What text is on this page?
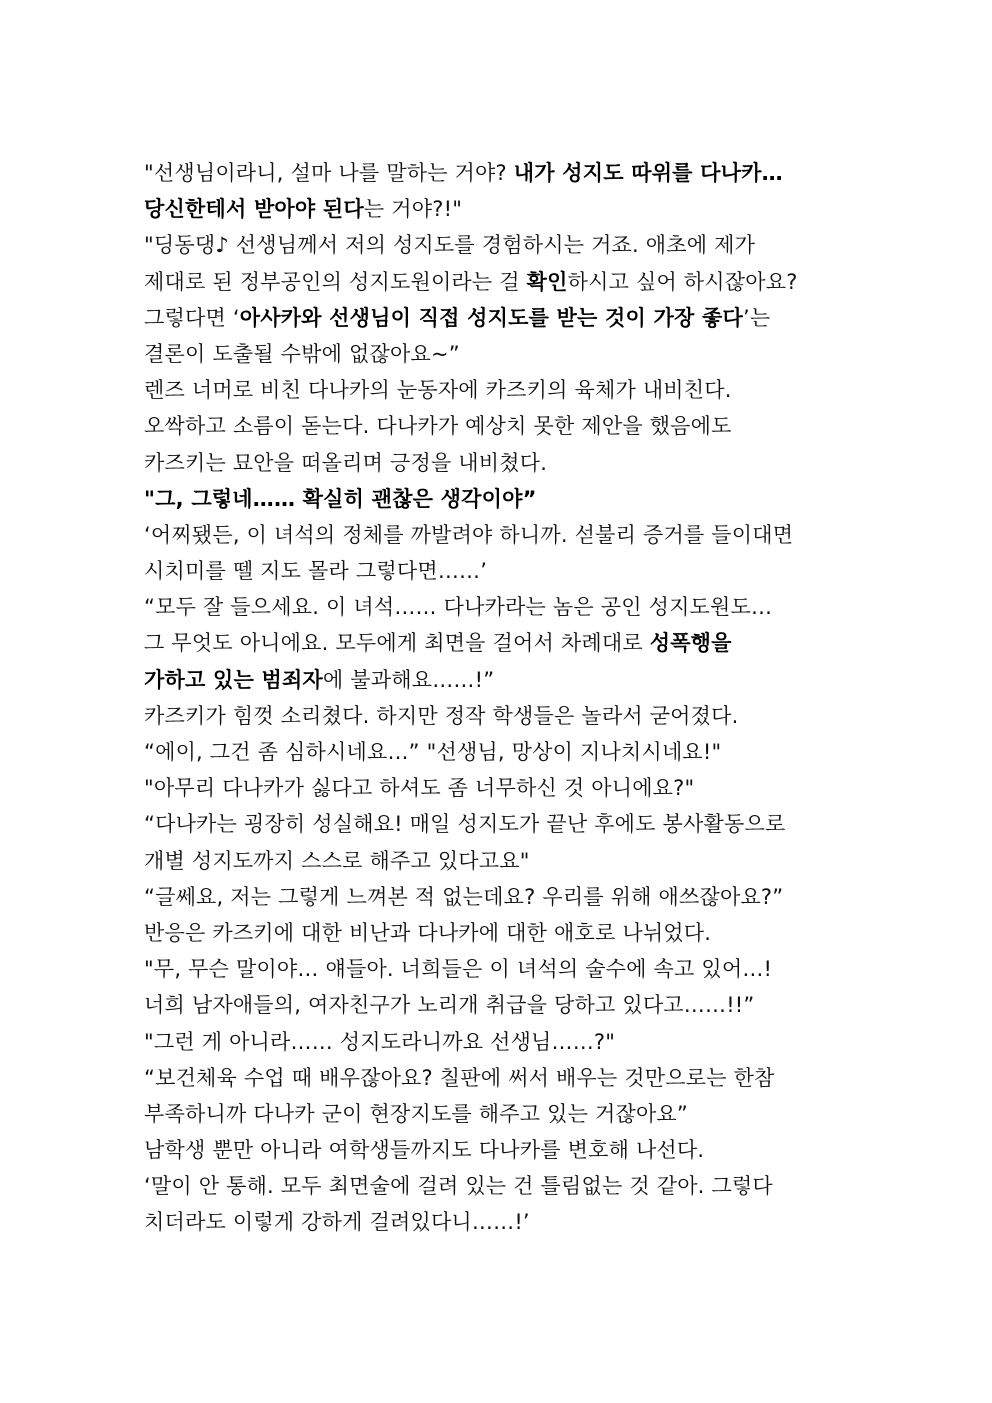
"선생님이라니, 설마 나를 말하는 거야? 내가 성지도 따위를 다나카…
당신한테서 받아야 된다는 거야?!"
"딩동댕♪ 선생님께서 저의 성지도를 경험하시는 거죠. 애초에 제가
제대로 된 정부공인의 성지도원이라는 걸 확인하시고 싶어 하시잖아요?
그렇다면 ‘아사카와 선생님이 직접 성지도를 받는 것이 가장 좋다’는
결론이 도출될 수밖에 없잖아요~”
렌즈 너머로 비친 다나카의 눈동자에 카즈키의 육체가 내비친다.
오싹하고 소름이 돋는다. 다나카가 예상치 못한 제안을 했음에도
카즈키는 묘안을 떠올리며 긍정을 내비쳤다.
"그, 그렇네…… 확실히 괜찮은 생각이야”
‘어찌됐든, 이 녀석의 정체를 까발려야 하니까. 섣불리 증거를 들이대면
시치미를 뗄 지도 몰라 그렇다면……’
“모두 잘 들으세요. 이 녀석…… 다나카라는 놈은 공인 성지도원도…
그 무엇도 아니에요. 모두에게 최면을 걸어서 차례대로 성폭행을
가하고 있는 범죄자에 불과해요……!”
카즈키가 힘껏 소리쳤다. 하지만 정작 학생들은 놀라서 굳어졌다.
“에이, 그건 좀 심하시네요…” "선생님, 망상이 지나치시네요!"
"아무리 다나카가 싫다고 하셔도 좀 너무하신 것 아니에요?"
“다나카는 굉장히 성실해요! 매일 성지도가 끝난 후에도 봉사활동으로
개별 성지도까지 스스로 해주고 있다고요"
“글쎄요, 저는 그렇게 느껴본 적 없는데요? 우리를 위해 애쓰잖아요?”
반응은 카즈키에 대한 비난과 다나카에 대한 애호로 나뉘었다.
"무, 무슨 말이야… 얘들아. 너희들은 이 녀석의 술수에 속고 있어…!
너희 남자애들의, 여자친구가 노리개 취급을 당하고 있다고……!!”
"그런 게 아니라…… 성지도라니까요 선생님……?"
“보건체육 수업 때 배우잖아요? 칠판에 써서 배우는 것만으로는 한참
부족하니까 다나카 군이 현장지도를 해주고 있는 거잖아요”
남학생 뿐만 아니라 여학생들까지도 다나카를 변호해 나선다.
‘말이 안 통해. 모두 최면술에 걸려 있는 건 틀림없는 것 같아. 그렇다
치더라도 이렇게 강하게 걸려있다니……!’
